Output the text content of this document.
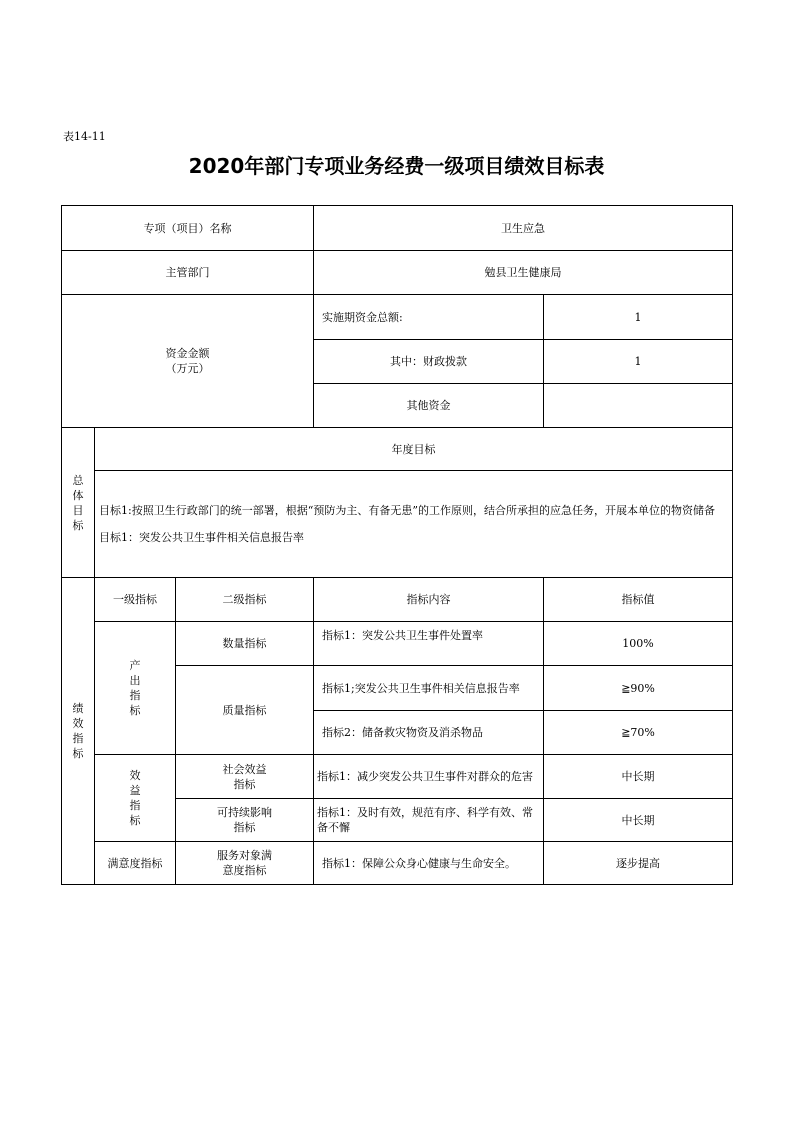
表14-11
2020年部门专项业务经费一级项目绩效目标表
专项（项目）名称			卫生应急	
主管部门			勉县卫生健康局	

资金金额
（万元）			实施期资金总额:	1
			其中：财政拨款	1
			其他资金	
总体目标	年度目标			

	目标1:按照卫生行政部门的统一部署，根据“预防为主、有备无患”的工作原则，结合所承担的应急任务，开展本单位的物资储备
目标1：突发公共卫生事件相关信息报告率			

绩效指标	一级指标	二级指标	指标内容	指标值
	产出指标	数量指标	指标1：突发公共卫生事件处置率	100%
		质量指标	指标1;突发公共卫生事件相关信息报告率	≧90%
			指标2：储备救灾物资及消杀物品	≧70%
	效益指标	社会效益指标	指标1：减少突发公共卫生事件对群众的危害	中长期
		可持续影响指标	指标1：及时有效，规范有序、科学有效、常备不懈	中长期
	满意度指标	服务对象满意度指标	指标1：保障公众身心健康与生命安全。	逐步提高
